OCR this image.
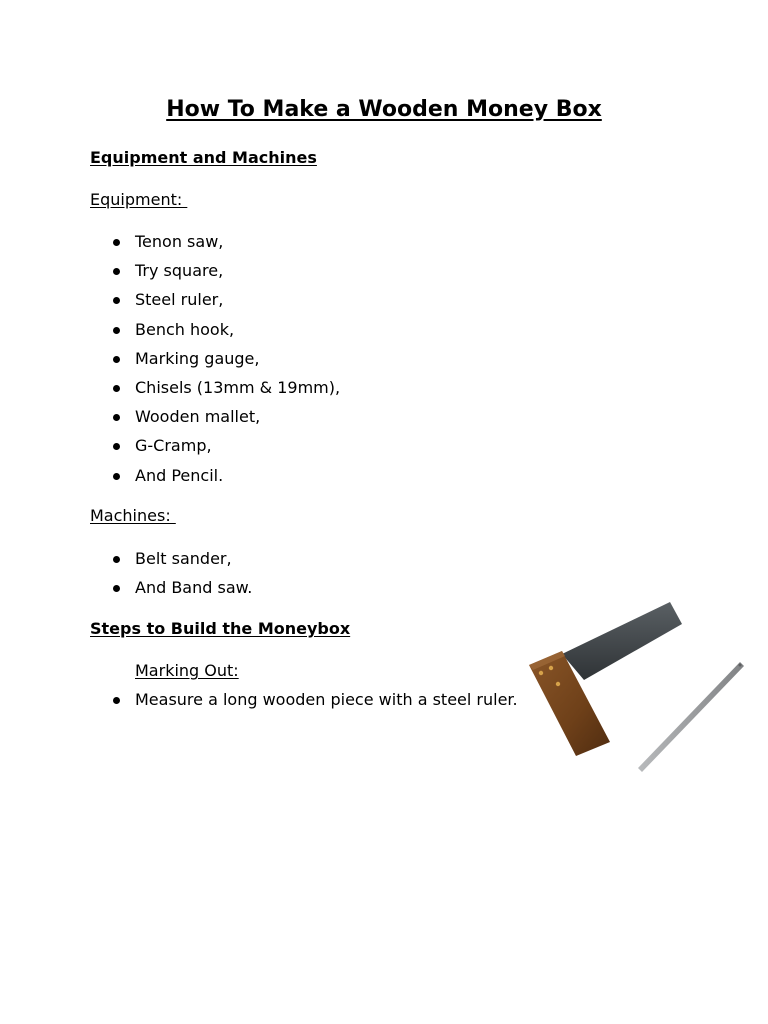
How To Make a Wooden Money Box
Equipment and Machines
Equipment:
Tenon saw,
Try square,
Steel ruler,
Bench hook,
Marking gauge,
Chisels (13mm & 19mm),
Wooden mallet,
G-Cramp,
And Pencil.
Machines:
Belt sander,
And Band saw.
Steps to Build the Moneybox
Marking Out:
Measure a long wooden piece with a steel ruler.
